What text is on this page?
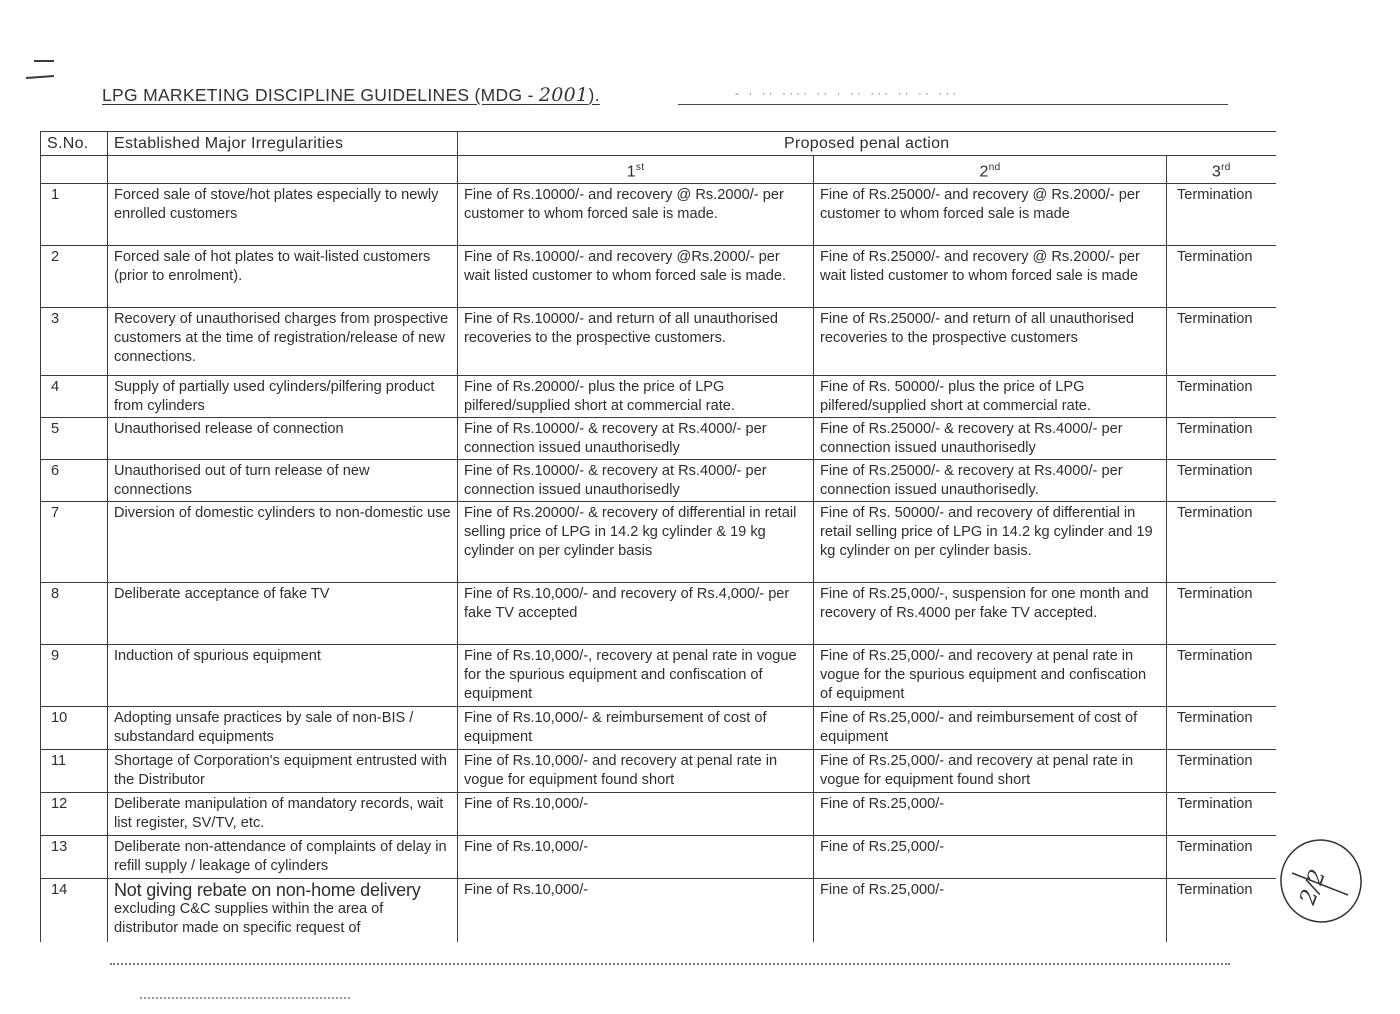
LPG MARKETING DISCIPLINE GUIDELINES (MDG - 2001).	- · ·· ···· ·· · ·· ··· ·· ·· ···
S.No.	Established Major Irregularities	Proposed penal action		
		1st	2nd	3rd
1	Forced sale of stove/hot plates especially to newly enrolled customers	Fine of Rs.10000/- and recovery @ Rs.2000/- per customer to whom forced sale is made.	Fine of Rs.25000/- and recovery @ Rs.2000/- per customer to whom forced sale is made	Termination
2	Forced sale of hot plates to wait-listed customers (prior to enrolment).	Fine of Rs.10000/- and recovery @Rs.2000/- per wait listed customer to whom forced sale is made.	Fine of Rs.25000/- and recovery @ Rs.2000/- per wait listed customer to whom forced sale is made	Termination
3	Recovery of unauthorised charges from prospective customers at the time of registration/release of new connections.	Fine of Rs.10000/- and return of all unauthorised recoveries to the prospective customers.	Fine of Rs.25000/- and return of all unauthorised recoveries to the prospective customers	Termination
4	Supply of partially used cylinders/pilfering product from cylinders	Fine of Rs.20000/- plus the price of LPG pilfered/supplied short at commercial rate.	Fine of Rs. 50000/- plus the price of LPG pilfered/supplied short at commercial rate.	Termination
5	Unauthorised release of connection	Fine of Rs.10000/- & recovery at Rs.4000/- per connection issued unauthorisedly	Fine of Rs.25000/- & recovery at Rs.4000/- per connection issued unauthorisedly	Termination
6	Unauthorised out of turn release of new connections	Fine of Rs.10000/- & recovery at Rs.4000/- per connection issued unauthorisedly	Fine of Rs.25000/- & recovery at Rs.4000/- per connection issued unauthorisedly.	Termination
7	Diversion of domestic cylinders to non-domestic use	Fine of Rs.20000/- & recovery of differential in retail selling price of LPG in 14.2 kg cylinder & 19 kg cylinder on per cylinder basis	Fine of Rs. 50000/- and recovery of differential in retail selling price of LPG in 14.2 kg cylinder and 19 kg cylinder on per cylinder basis.	Termination
8	Deliberate acceptance of fake TV	Fine of Rs.10,000/- and recovery of Rs.4,000/- per fake TV accepted	Fine of Rs.25,000/-, suspension for one month and recovery of Rs.4000 per fake TV accepted.	Termination
9	Induction of spurious equipment	Fine of Rs.10,000/-, recovery at penal rate in vogue for the spurious equipment and confiscation of equipment	Fine of Rs.25,000/- and recovery at penal rate in vogue for the spurious equipment and confiscation of equipment	Termination
10	Adopting unsafe practices by sale of non-BIS / substandard equipments	Fine of Rs.10,000/- & reimbursement of cost of equipment	Fine of Rs.25,000/- and reimbursement of cost of equipment	Termination
11	Shortage of Corporation's equipment entrusted with the Distributor	Fine of Rs.10,000/- and recovery at penal rate in vogue for equipment found short	Fine of Rs.25,000/- and recovery at penal rate in vogue for equipment found short	Termination
12	Deliberate manipulation of mandatory records, wait list register, SV/TV, etc.	Fine of Rs.10,000/-	Fine of Rs.25,000/-	Termination
13	Deliberate non-attendance of complaints of delay in refill supply / leakage of cylinders	Fine of Rs.10,000/-	Fine of Rs.25,000/-	Termination
14	Not giving rebate on non-home delivery
excluding C&C supplies within the area of distributor made on specific request of	Fine of Rs.10,000/-	Fine of Rs.25,000/-	Termination 2/2
